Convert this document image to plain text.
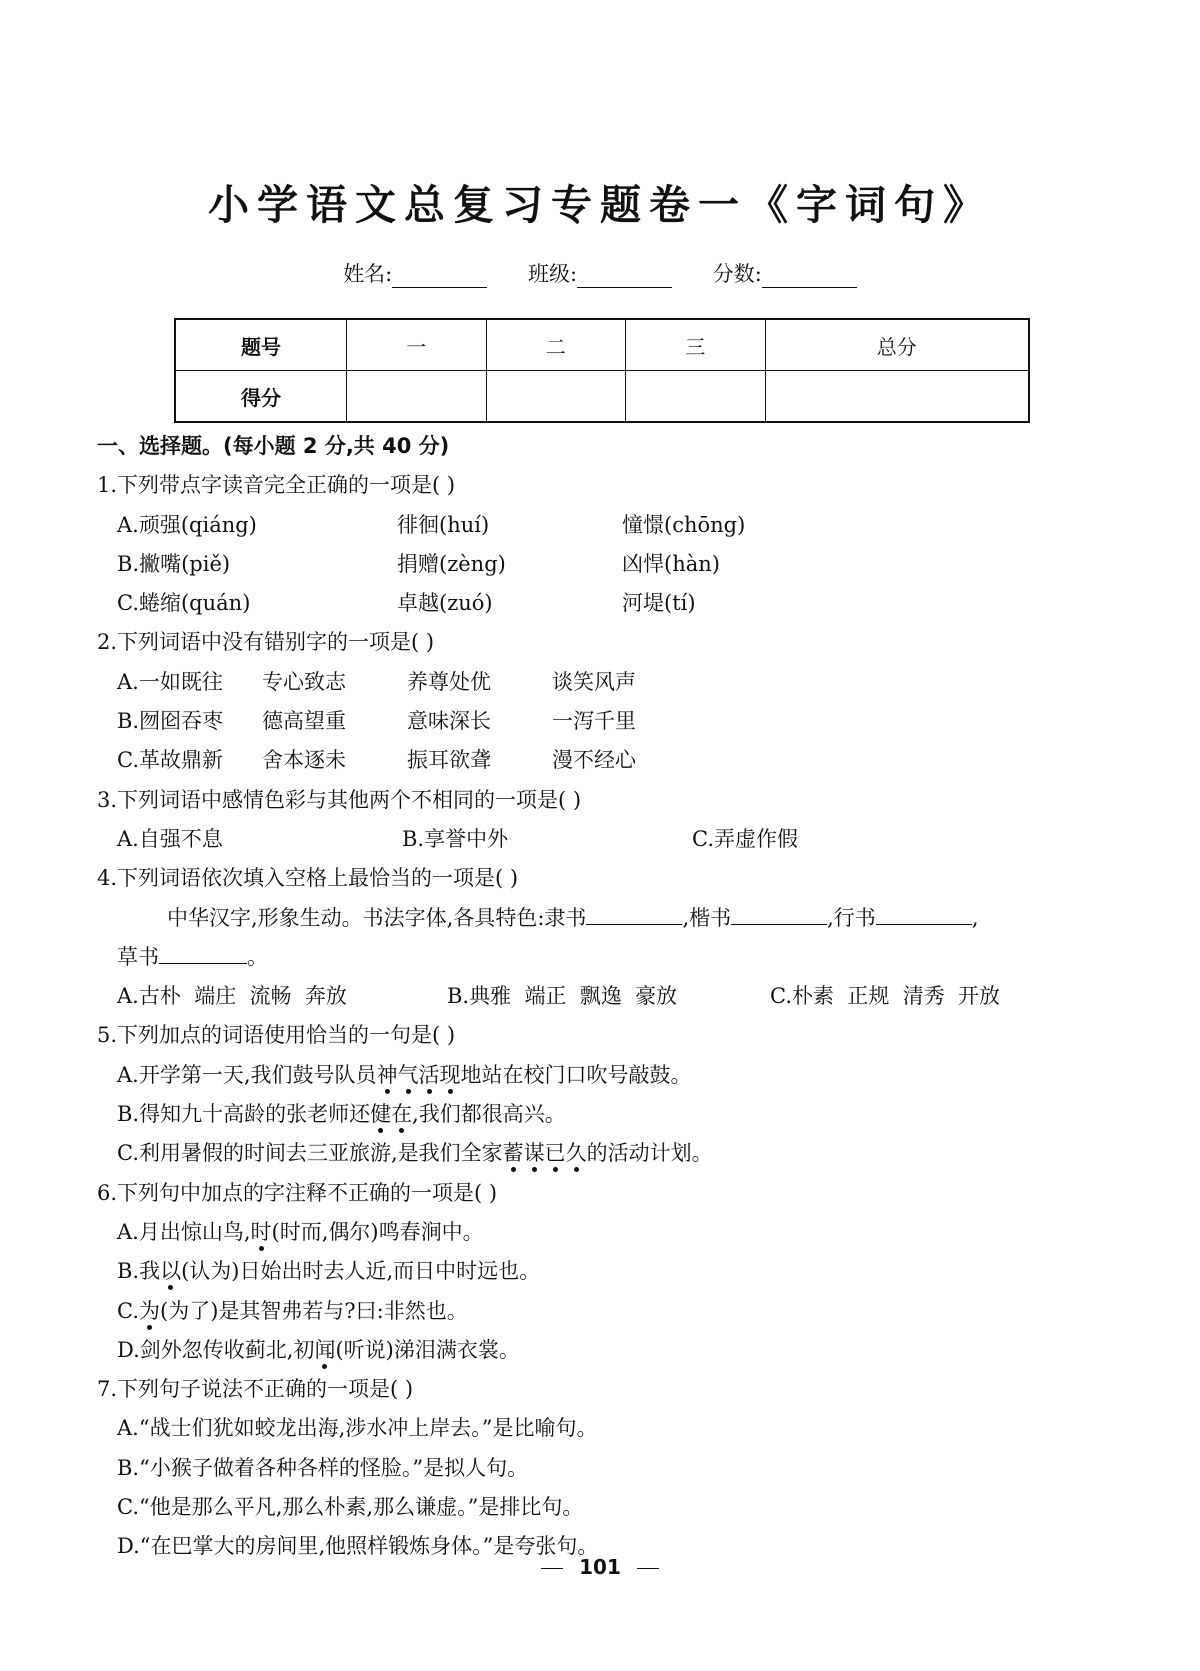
小学语文总复习专题卷一《字词句》
姓名:	班级:	分数:
题号	一	二	三	总分
得分				
一、选择题。(每小题 2 分,共 40 分)
1.下列带点字读音完全正确的一项是( )
A.顽强(qiáng)	徘徊(huí)	憧憬(chōng)
B.撇嘴(piě)	捐赠(zèng)	凶悍(hàn)
C.蜷缩(quán)	卓越(zuó)	河堤(tí)
2.下列词语中没有错别字的一项是( )
A.一如既往 专心致志	养尊处优	谈笑风声
B.囫囵吞枣 德高望重	意味深长	一泻千里
C.革故鼎新 舍本逐未	振耳欲聋	漫不经心
3.下列词语中感情色彩与其他两个不相同的一项是( )
A.自强不息	B.享誉中外	C.弄虚作假
4.下列词语依次填入空格上最恰当的一项是( )
中华汉字,形象生动。书法字体,各具特色:隶书	,楷书	,行书	,
草书	。
A.古朴  端庄  流畅  奔放	B.典雅  端正  飘逸  豪放	C.朴素  正规  清秀  开放
5.下列加点的词语使用恰当的一句是( )
A.开学第一天,我们鼓号队员神气活现地站在校门口吹号敲鼓。
B.得知九十高龄的张老师还健在,我们都很高兴。
C.利用暑假的时间去三亚旅游,是我们全家蓄谋已久的活动计划。
6.下列句中加点的字注释不正确的一项是( )
A.月出惊山鸟,时(时而,偶尔)鸣春涧中。
B.我以(认为)日始出时去人近,而日中时远也。
C.为(为了)是其智弗若与?曰:非然也。
D.剑外忽传收蓟北,初闻(听说)涕泪满衣裳。
7.下列句子说法不正确的一项是( )
A.“战士们犹如蛟龙出海,涉水冲上岸去。”是比喻句。
B.“小猴子做着各种各样的怪脸。”是拟人句。
C.“他是那么平凡,那么朴素,那么谦虚。”是排比句。
D.“在巴掌大的房间里,他照样锻炼身体。”是夸张句。
101
